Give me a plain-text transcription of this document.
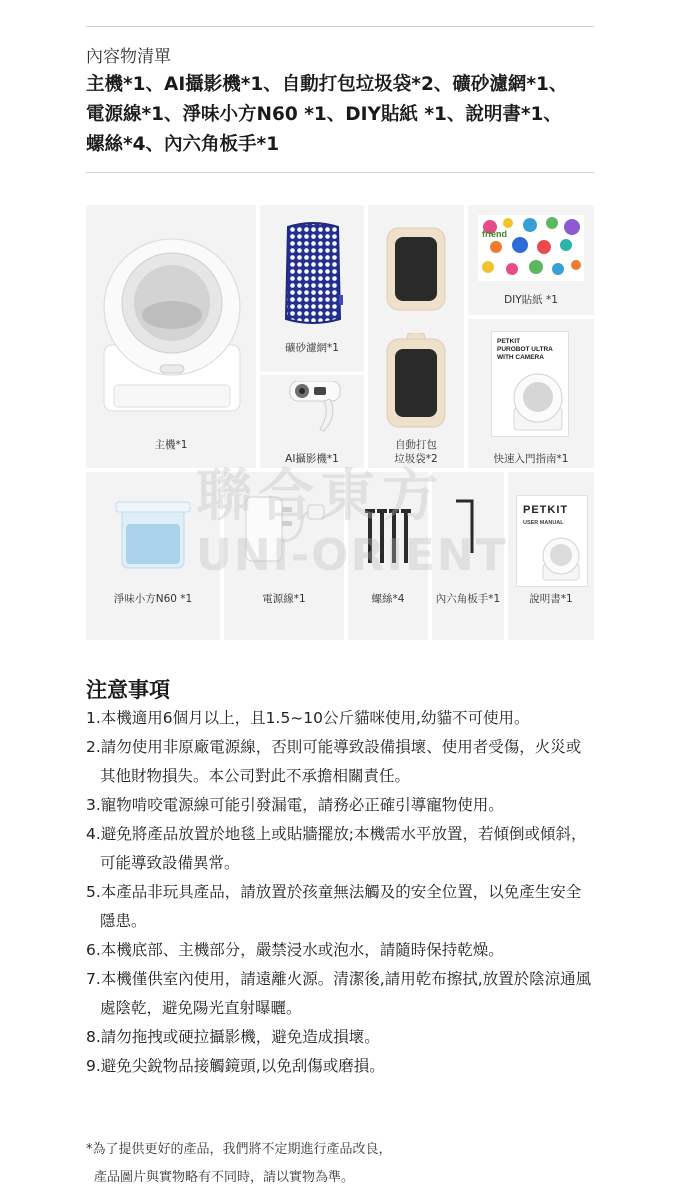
內容物清單
主機*1、AI攝影機*1、自動打包垃圾袋*2、礦砂濾網*1、
電源線*1、淨味小方N60 *1、DIY貼紙 *1、說明書*1、
螺絲*4、內六角板手*1
friend
PETKIT
PUROBOT ULTRA
WITH CAMERA
PETKIT
USER MANUAL
主機*1
礦砂濾網*1
AI攝影機*1
自動打包
垃圾袋*2
DIY貼紙 *1
快速入門指南*1
淨味小方N60 *1	電源線*1	螺絲*4	內六角板手*1	說明書*1
聯合東方
UNI-ORIENT
注意事項
1.本機適用6個月以上，且1.5~10公斤貓咪使用,幼貓不可使用。
2.請勿使用非原廠電源線，否則可能導致設備損壞、使用者受傷，火災或其他財物損失。本公司對此不承擔相關責任。
3.寵物啃咬電源線可能引發漏電，請務必正確引導寵物使用。
4.避免將產品放置於地毯上或貼牆擺放;本機需水平放置，若傾倒或傾斜，可能導致設備異常。
5.本產品非玩具產品，請放置於孩童無法觸及的安全位置，以免產生安全隱患。
6.本機底部、主機部分，嚴禁浸水或泡水，請隨時保持乾燥。
7.本機僅供室內使用，請遠離火源。清潔後,請用乾布擦拭,放置於陰涼通風處陰乾，避免陽光直射曝曬。
8.請勿拖拽或硬拉攝影機，避免造成損壞。
9.避免尖銳物品接觸鏡頭,以免刮傷或磨損。
*為了提供更好的產品，我們將不定期進行產品改良，
產品圖片與實物略有不同時，請以實物為準。
